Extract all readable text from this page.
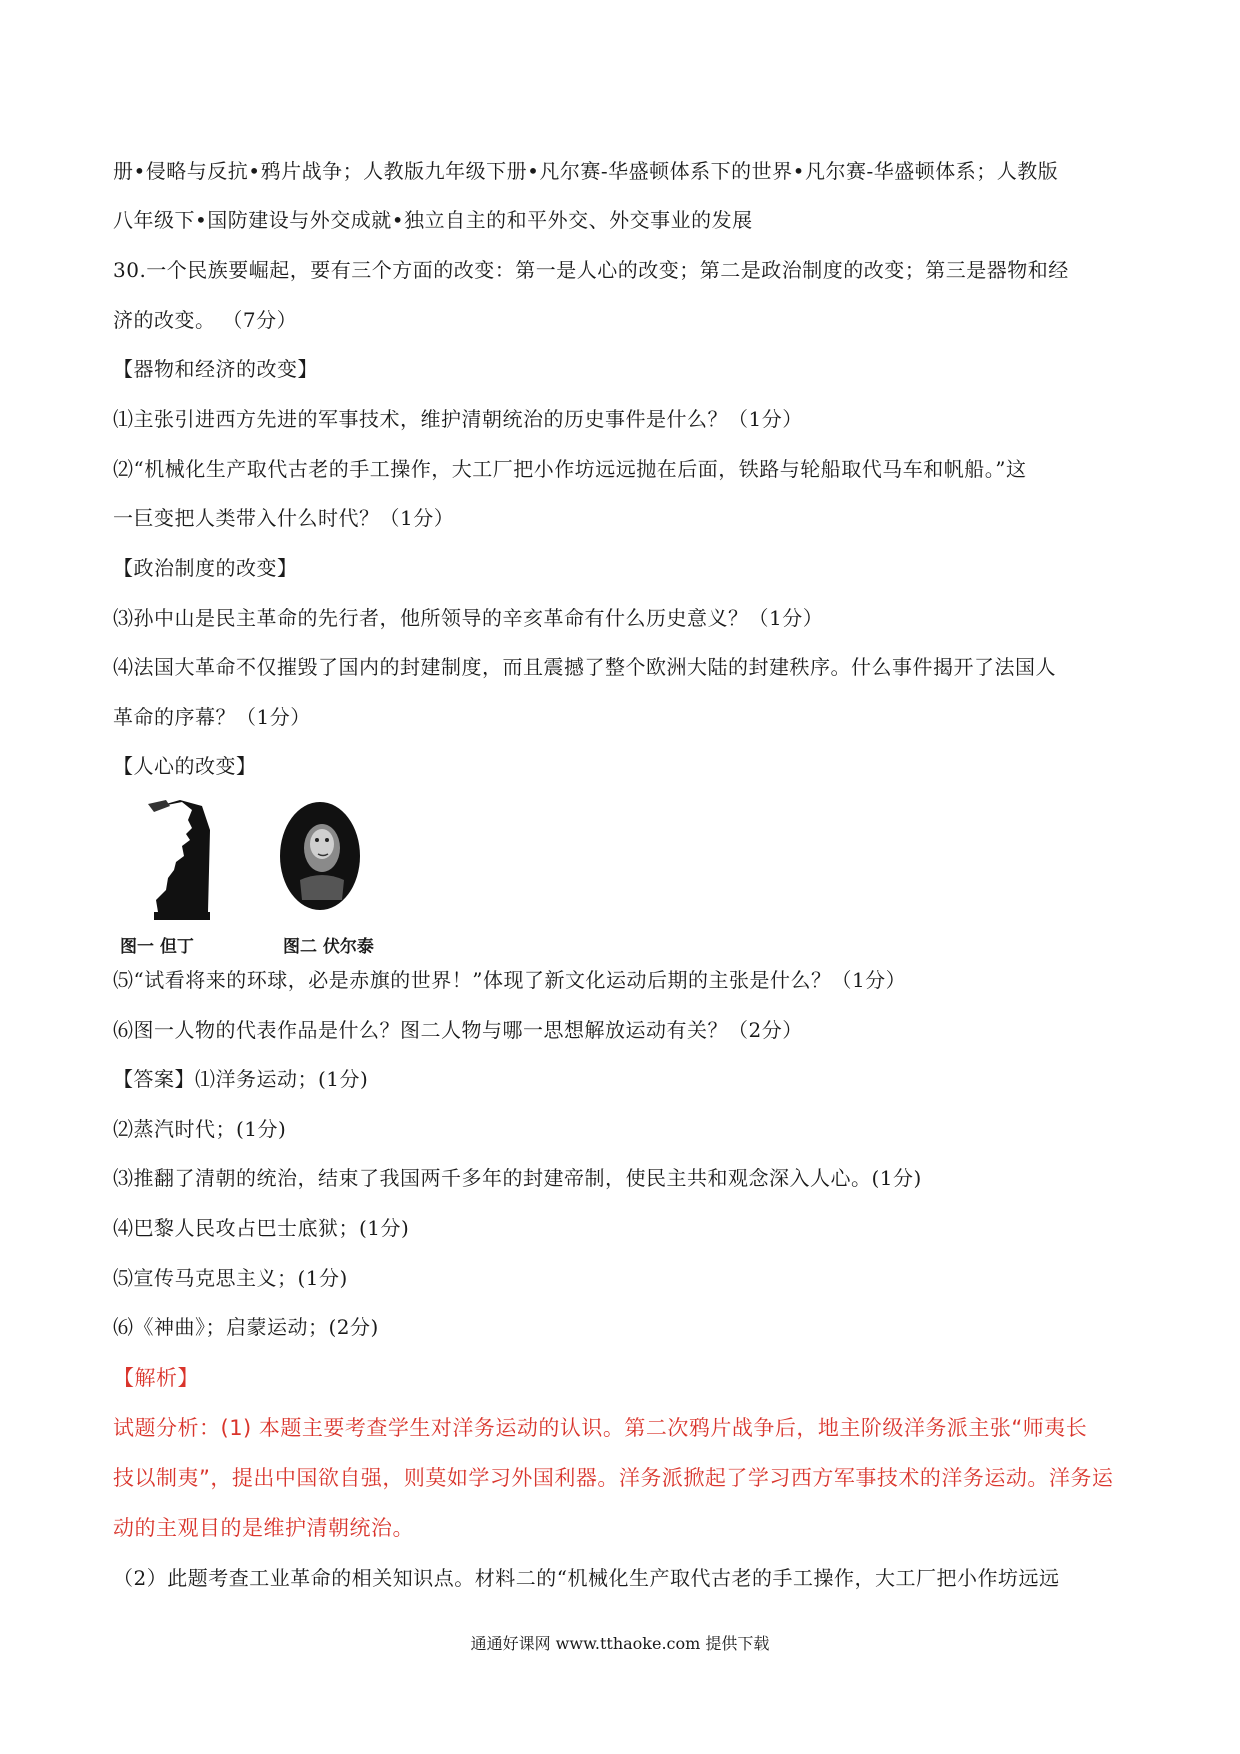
册•侵略与反抗•鸦片战争；人教版九年级下册•凡尔赛-华盛顿体系下的世界•凡尔赛-华盛顿体系；人教版
八年级下•国防建设与外交成就•独立自主的和平外交、外交事业的发展
30.一个民族要崛起，要有三个方面的改变：第一是人心的改变；第二是政治制度的改变；第三是器物和经
济的改变。 （7分）
【器物和经济的改变】
⑴主张引进西方先进的军事技术，维护清朝统治的历史事件是什么？（1分）
⑵“机械化生产取代古老的手工操作，大工厂把小作坊远远抛在后面，铁路与轮船取代马车和帆船。”这
一巨变把人类带入什么时代？（1分）
【政治制度的改变】
⑶孙中山是民主革命的先行者，他所领导的辛亥革命有什么历史意义？（1分）
⑷法国大革命不仅摧毁了国内的封建制度，而且震撼了整个欧洲大陆的封建秩序。什么事件揭开了法国人
革命的序幕？（1分）
【人心的改变】
图一 但丁	图二 伏尔泰
⑸“试看将来的环球，必是赤旗的世界！”体现了新文化运动后期的主张是什么？（1分）
⑹图一人物的代表作品是什么？图二人物与哪一思想解放运动有关？（2分）
【答案】⑴洋务运动；(1分)
⑵蒸汽时代；(1分)
⑶推翻了清朝的统治，结束了我国两千多年的封建帝制，使民主共和观念深入人心。(1分)
⑷巴黎人民攻占巴士底狱；(1分)
⑸宣传马克思主义；(1分)
⑹《神曲》；启蒙运动；(2分)
【解析】
试题分析：(1) 本题主要考查学生对洋务运动的认识。第二次鸦片战争后，地主阶级洋务派主张“师夷长
技以制夷”，提出中国欲自强，则莫如学习外国利器。洋务派掀起了学习西方军事技术的洋务运动。洋务运
动的主观目的是维护清朝统治。
（2）此题考查工业革命的相关知识点。材料二的“机械化生产取代古老的手工操作，大工厂把小作坊远远
通通好课网 www.tthaoke.com 提供下载
